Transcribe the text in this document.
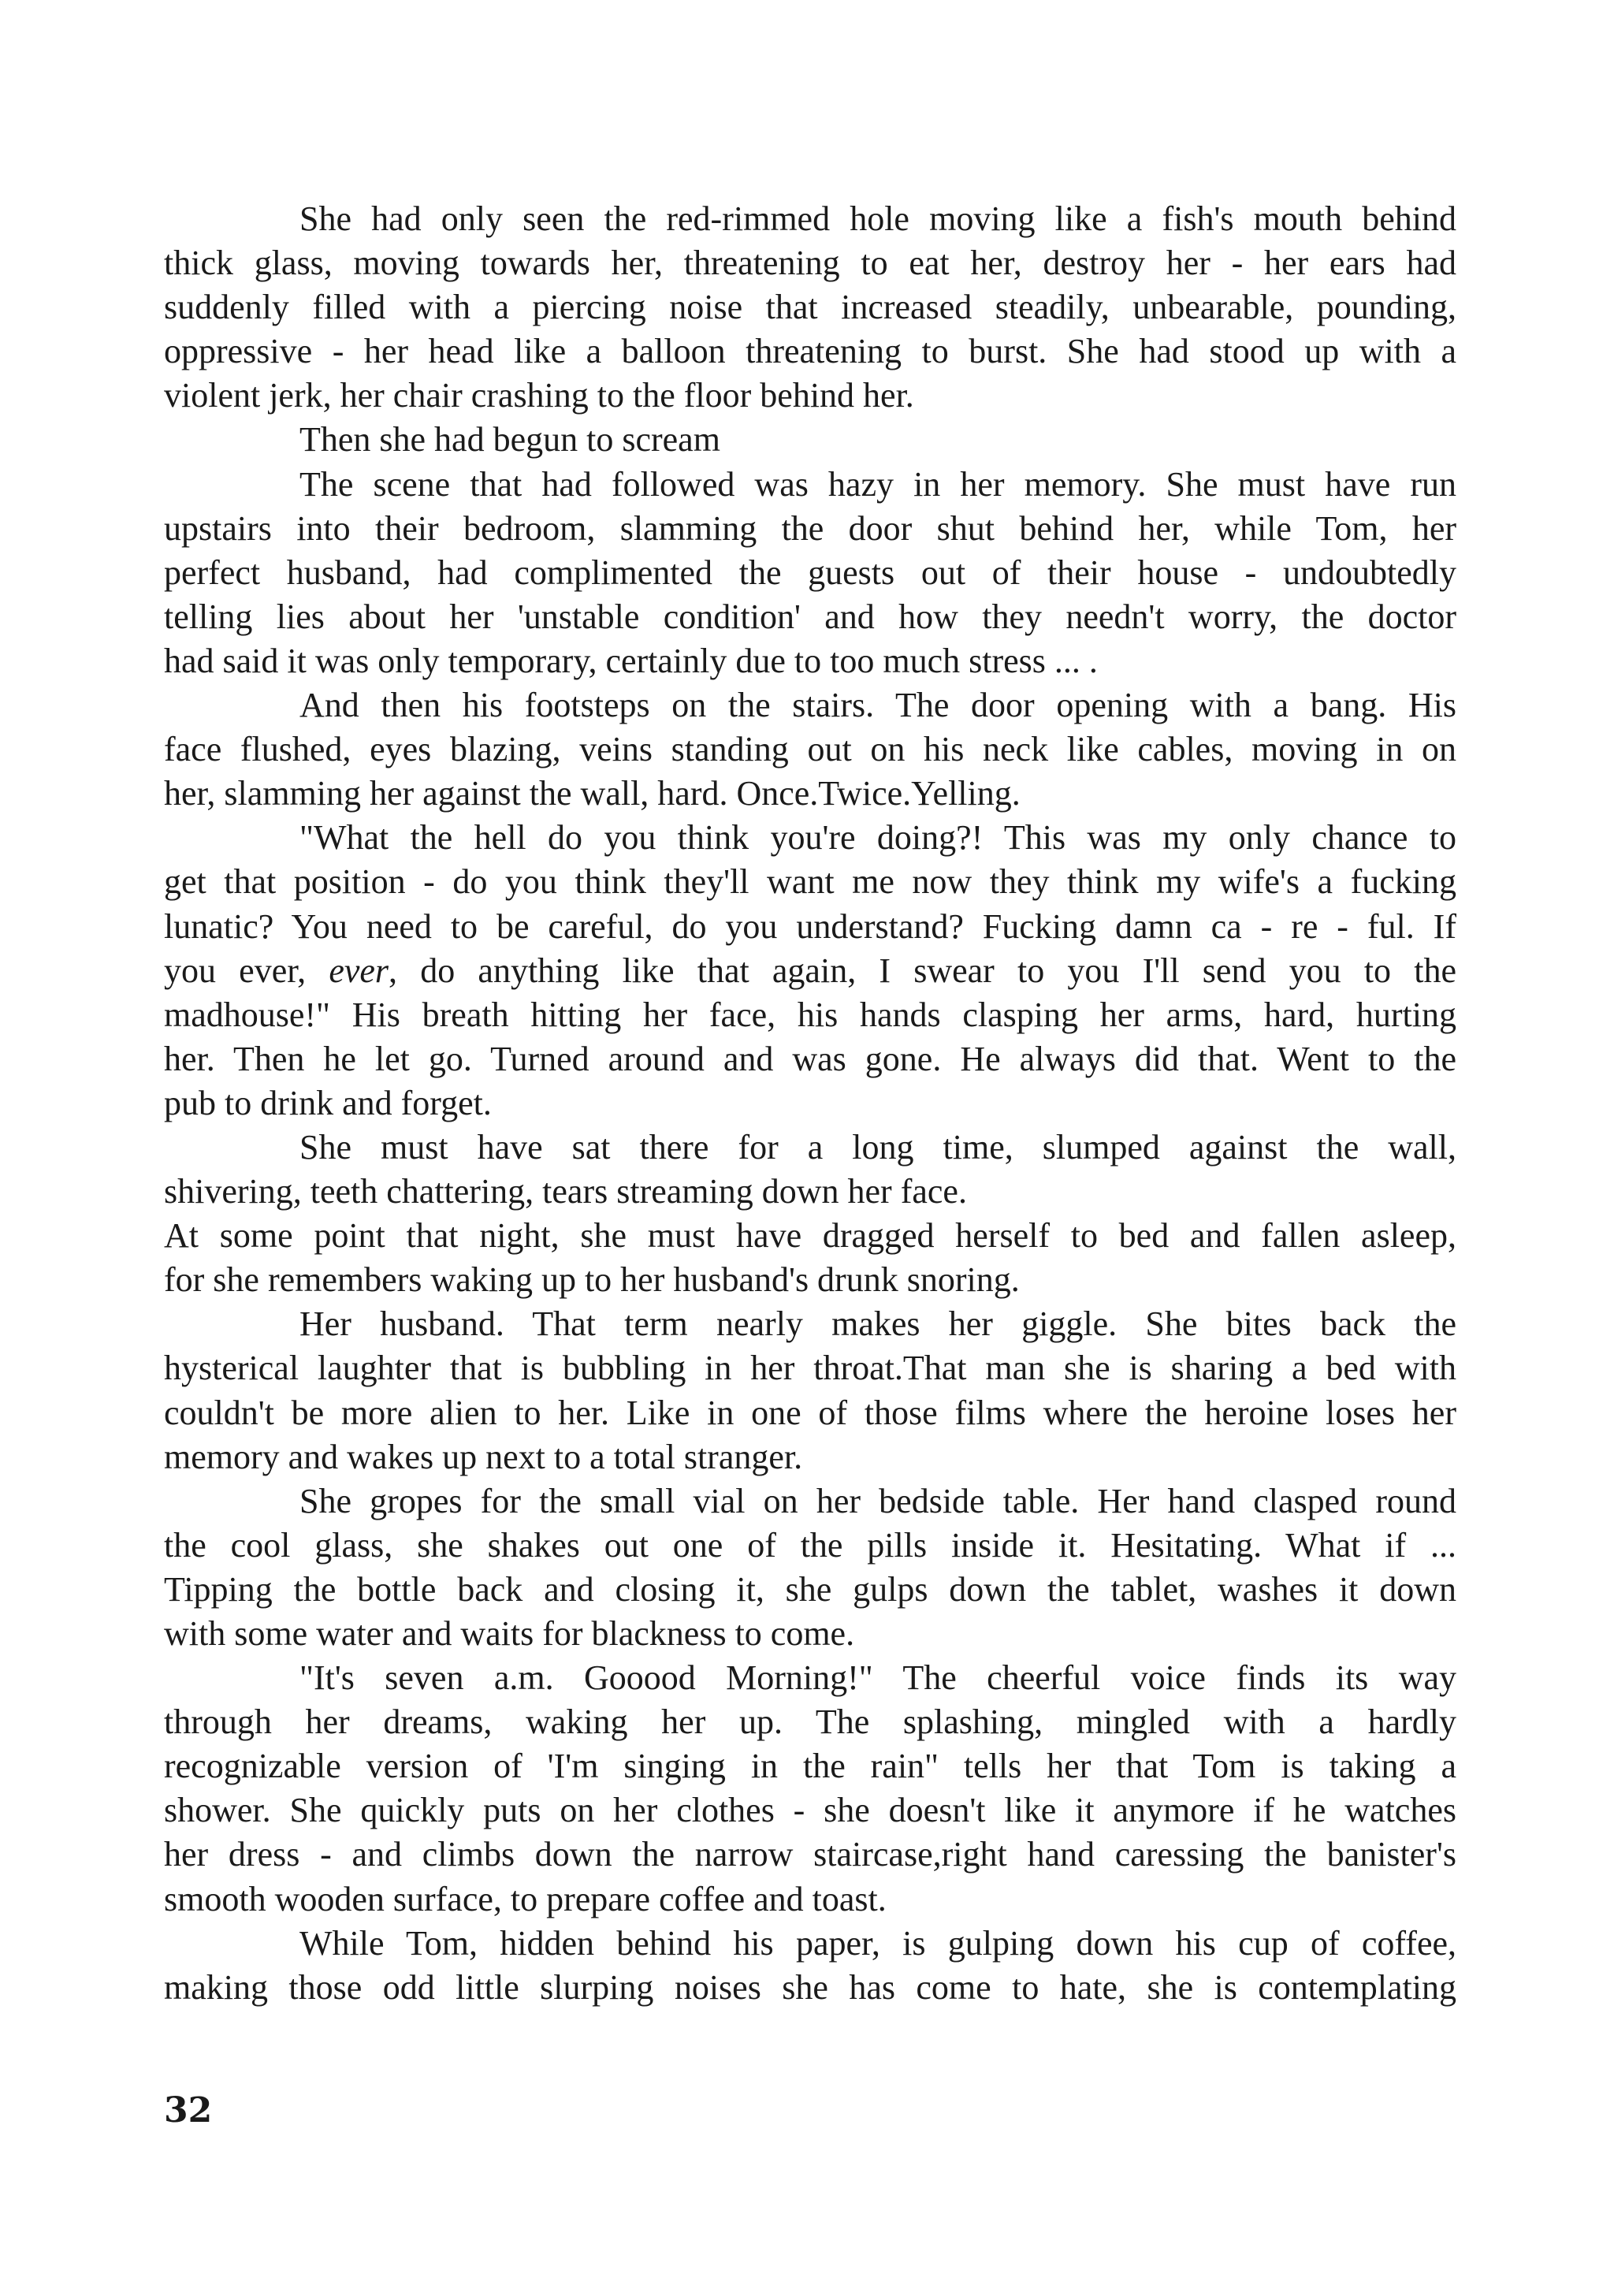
She had only seen the red-rimmed hole moving like a fish's mouth behind
thick glass, moving towards her, threatening to eat her, destroy her - her ears had
suddenly filled with a piercing noise that increased steadily, unbearable, pounding,
oppressive - her head like a balloon threatening to burst. She had stood up with a
violent jerk, her chair crashing to the floor behind her.
Then she had begun to scream
The scene that had followed was hazy in her memory. She must have run
upstairs into their bedroom, slamming the door shut behind her, while Tom, her
perfect husband, had complimented the guests out of their house - undoubtedly
telling lies about her 'unstable condition' and how they needn't worry, the doctor
had said it was only temporary, certainly due to too much stress ... .
And then his footsteps on the stairs. The door opening with a bang. His
face flushed, eyes blazing, veins standing out on his neck like cables, moving in on
her, slamming her against the wall, hard. Once.Twice.Yelling.
"What the hell do you think you're doing?! This was my only chance to
get that position - do you think they'll want me now they think my wife's a fucking
lunatic? You need to be careful, do you understand? Fucking damn ca - re - ful. If
you ever, ever, do anything like that again, I swear to you I'll send you to the
madhouse!" His breath hitting her face, his hands clasping her arms, hard, hurting
her. Then he let go. Turned around and was gone. He always did that. Went to the
pub to drink and forget.
She must have sat there for a long time, slumped against the wall,
shivering, teeth chattering, tears streaming down her face.
At some point that night, she must have dragged herself to bed and fallen asleep,
for she remembers waking up to her husband's drunk snoring.
Her husband. That term nearly makes her giggle. She bites back the
hysterical laughter that is bubbling in her throat.That man she is sharing a bed with
couldn't be more alien to her. Like in one of those films where the heroine loses her
memory and wakes up next to a total stranger.
She gropes for the small vial on her bedside table. Her hand clasped round
the cool glass, she shakes out one of the pills inside it. Hesitating. What if ...
Tipping the bottle back and closing it, she gulps down the tablet, washes it down
with some water and waits for blackness to come.
"It's seven a.m. Gooood Morning!" The cheerful voice finds its way
through her dreams, waking her up. The splashing, mingled with a hardly
recognizable version of 'I'm singing in the rain" tells her that Tom is taking a
shower. She quickly puts on her clothes - she doesn't like it anymore if he watches
her dress - and climbs down the narrow staircase,right hand caressing the banister's
smooth wooden surface, to prepare coffee and toast.
While Tom, hidden behind his paper, is gulping down his cup of coffee,
making those odd little slurping noises she has come to hate, she is contemplating
32
